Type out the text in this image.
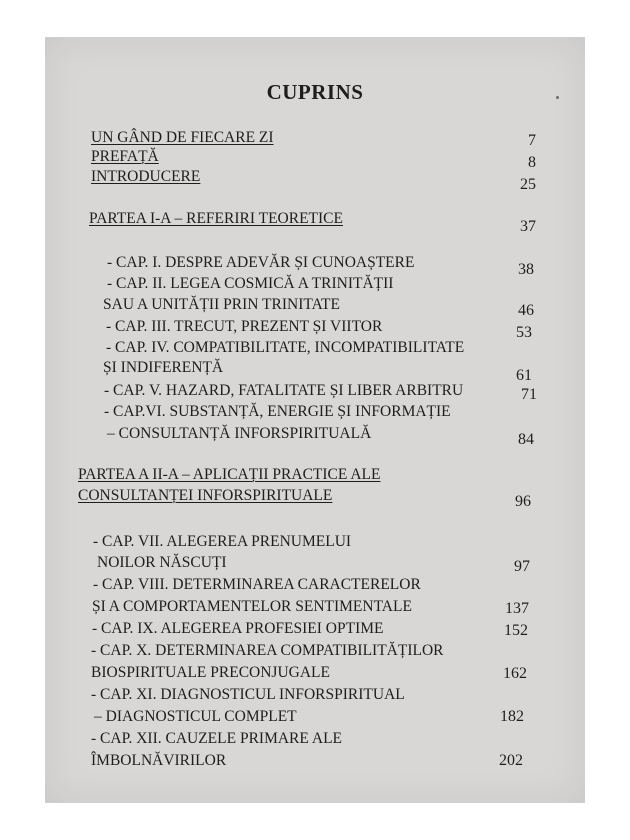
CUPRINS
UN GÂND DE FIECARE ZI	7
PREFAȚĂ	8
INTRODUCERE	25
PARTEA I-A – REFERIRI TEORETICE	37
- CAP. I. DESPRE ADEVĂR ȘI CUNOAȘTERE	38
- CAP. II. LEGEA COSMICĂ A TRINITĂȚII
SAU A UNITĂȚII PRIN TRINITATE	46
- CAP. III. TRECUT, PREZENT ȘI VIITOR	53
- CAP. IV. COMPATIBILITATE, INCOMPATIBILITATE
ȘI INDIFERENȚĂ	61
- CAP. V. HAZARD, FATALITATE ȘI LIBER ARBITRU	71
- CAP.VI. SUBSTANȚĂ, ENERGIE ȘI INFORMAȚIE
– CONSULTANȚĂ INFORSPIRITUALĂ	84
PARTEA A II-A – APLICAȚII PRACTICE ALE
CONSULTANȚEI INFORSPIRITUALE	96
- CAP. VII. ALEGEREA PRENUMELUI
NOILOR NĂSCUȚI	97
- CAP. VIII. DETERMINAREA CARACTERELOR
ȘI A COMPORTAMENTELOR SENTIMENTALE	137
- CAP. IX. ALEGEREA PROFESIEI OPTIME	152
- CAP. X. DETERMINAREA COMPATIBILITĂȚILOR
BIOSPIRITUALE PRECONJUGALE	162
- CAP. XI. DIAGNOSTICUL INFORSPIRITUAL
– DIAGNOSTICUL COMPLET	182
- CAP. XII. CAUZELE PRIMARE ALE
ÎMBOLNĂVIRILOR	202
